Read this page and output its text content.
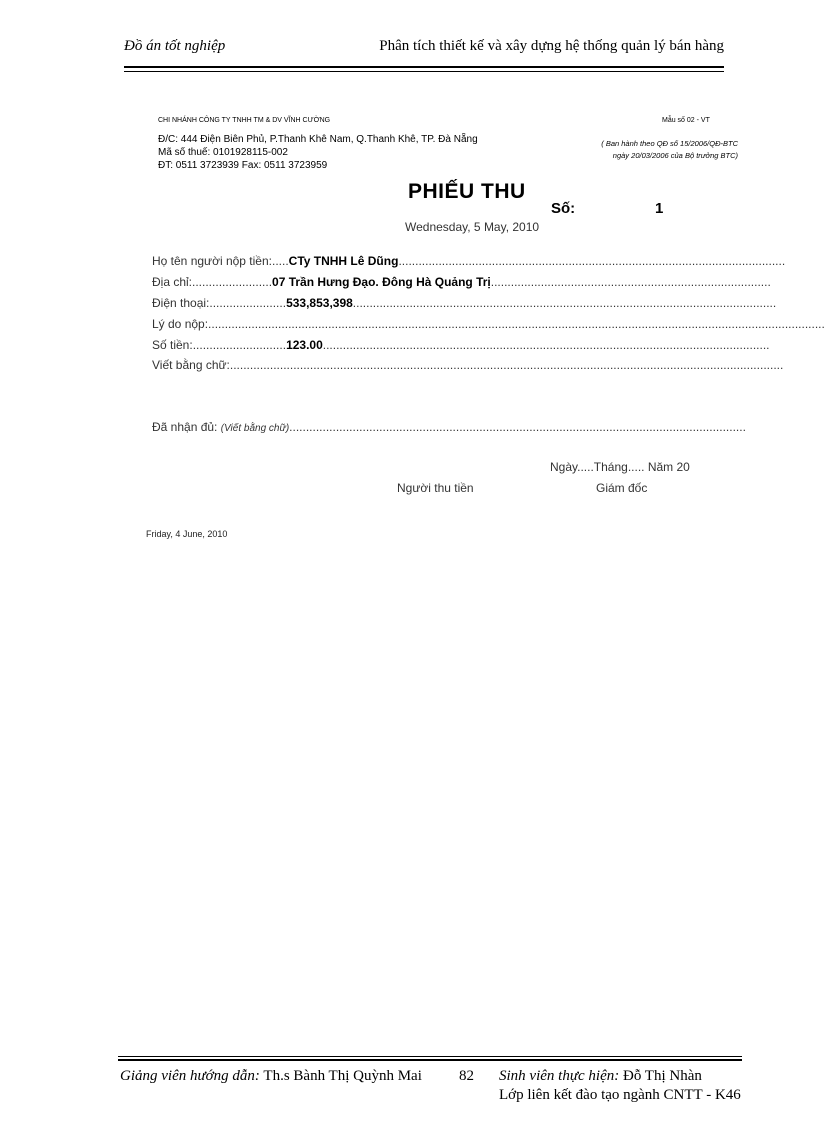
Đồ án tốt nghiệp	Phân tích thiết kế và xây dựng hệ thống quản lý bán hàng
CHI NHÁNH CÔNG TY TNHH TM & DV VĨNH CƯỜNG
Đ/C: 444 Điện Biên Phủ, P.Thanh Khê Nam, Q.Thanh Khê, TP. Đà Nẵng
Mã số thuế: 0101928115-002
ĐT: 0511 3723939 Fax: 0511 3723959
Mẫu số 02 - VT
( Ban hành theo QĐ số 15/2006/QĐ-BTC
ngày 20/03/2006 của Bộ trưởng BTC)
PHIẾU THU
Số:	1
Wednesday, 5 May, 2010
Họ tên người nộp tiền:.....CTy TNHH Lê Dũng....................................................................................................................
Địa chỉ:........................07 Trần Hưng Đạo. Đông Hà Quảng Trị....................................................................................
Điện thoại:.......................533,853,398...............................................................................................................................
Lý do nộp:.........................................................................................................................................................................................
Số tiền:............................123.00......................................................................................................................................
Viết bằng chữ:......................................................................................................................................................................
Đã nhận đủ: (Viết bằng chữ).........................................................................................................................................
Ngày.....Tháng..... Năm 20
Người thu tiền	Giám đốc
Friday, 4 June, 2010
Giảng viên hướng dẫn: Th.s Bành Thị Quỳnh Mai 82 Sinh viên thực hiện: Đỗ Thị Nhàn
Lớp liên kết đào tạo ngành CNTT - K46
